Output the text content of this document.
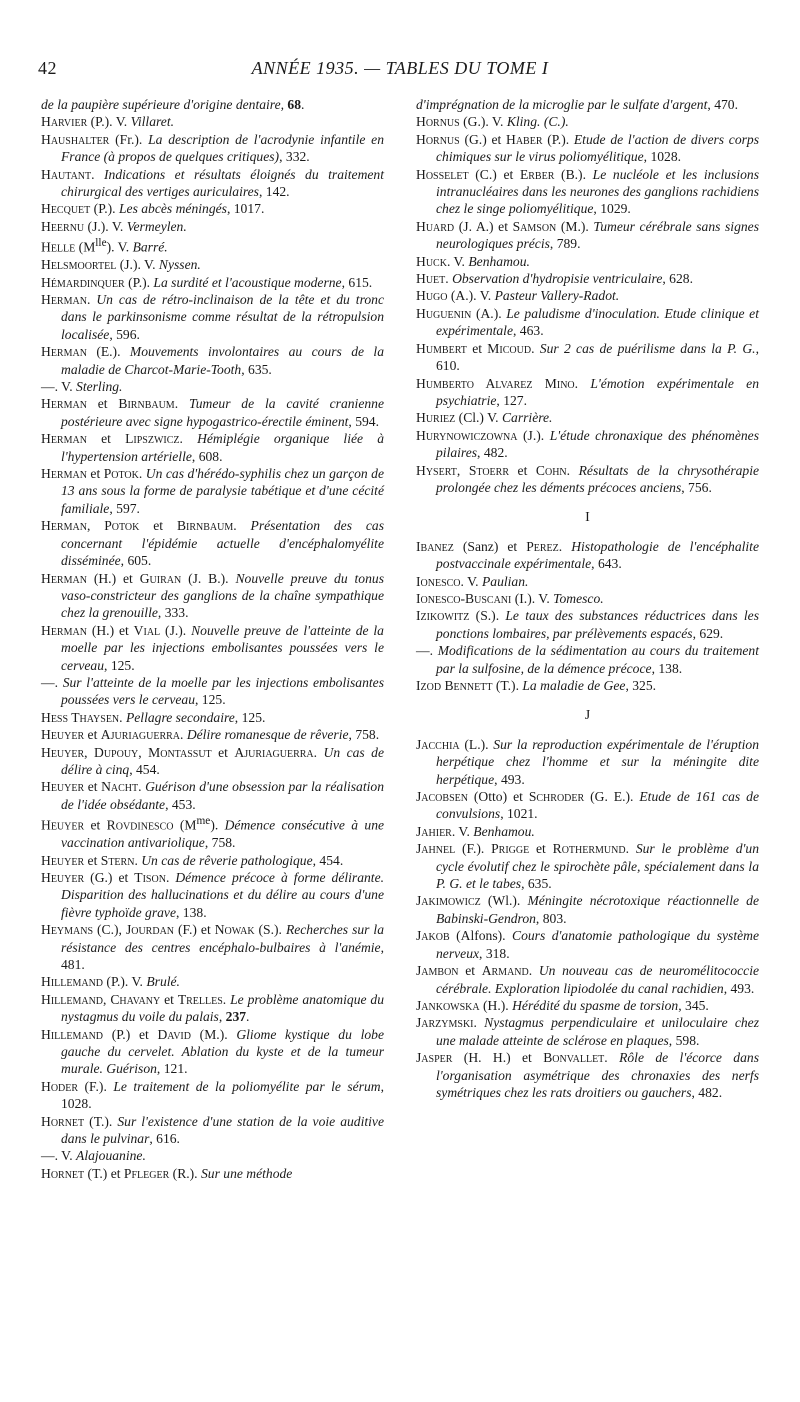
42	ANNÉE 1935. — TABLES DU TOME I

de la paupière supérieure d'origine dentaire, 68.

Harvier (P.). V. Villaret.

Haushalter (Fr.). La description de l'acrodynie infantile en France (à propos de quelques critiques), 332.

Hautant. Indications et résultats éloignés du traitement chirurgical des vertiges auriculaires, 142.

Hecquet (P.). Les abcès méningés, 1017.

Heernu (J.). V. Vermeylen.

Helle $(M^{lle})$. V. Barré.

Helsmoortel (J.). V. Nyssen.

Hémardinquer (P.). La surdité et l'acoustique moderne, 615.

Herman. Un cas de rétro-inclinaison de la tête et du tronc dans le parkinsonisme comme résultat de la rétropulsion localisée, 596.

Herman (E.). Mouvements involontaires au cours de la maladie de Charcot-Marie-Tooth, 635.

—. V. Sterling.

Herman et Birnbaum. Tumeur de la cavité cranienne postérieure avec signe hypogastrico-érectile éminent, 594.

Herman et Lipszwicz. Hémiplégie organique liée à l'hypertension artérielle, 608.

Herman et Potok. Un cas d'hérédo-syphilis chez un garçon de 13 ans sous la forme de paralysie tabétique et d'une cécité familiale, 597.

Herman, Potok et Birnbaum. Présentation des cas concernant l'épidémie actuelle d'encéphalomyélite disséminée, 605.

Herman (H.) et Guiran (J. B.). Nouvelle preuve du tonus vaso-constricteur des ganglions de la chaîne sympathique chez la grenouille, 333.

Herman (H.) et Vial (J.). Nouvelle preuve de l'atteinte de la moelle par les injections embolisantes poussées vers le cerveau, 125.

—. Sur l'atteinte de la moelle par les injections embolisantes poussées vers le cerveau, 125.

Hess Thaysen. Pellagre secondaire, 125.

Heuyer et Ajuriaguerra. Délire romanesque de rêverie, 758.

Heuyer, Dupouy, Montassut et Ajuriaguerra. Un cas de délire à cinq, 454.

Heuyer et Nacht. Guérison d'une obsession par la réalisation de l'idée obsédante, 453.

Heuyer et Rovdinesco $(M^{me})$. Démence consécutive à une vaccination antivariolique, 758.

Heuyer et Stern. Un cas de rêverie pathologique, 454.

Heuyer (G.) et Tison. Démence précoce à forme délirante. Disparition des hallucinations et du délire au cours d'une fièvre typhoïde grave, 138.

Heymans (C.), Jourdan (F.) et Nowak (S.). Recherches sur la résistance des centres encéphalo-bulbaires à l'anémie, 481.

Hillemand (P.). V. Brulé.

Hillemand, Chavany et Trelles. Le problème anatomique du nystagmus du voile du palais, 237.

Hillemand (P.) et David (M.). Gliome kystique du lobe gauche du cervelet. Ablation du kyste et de la tumeur murale. Guérison, 121.

Hoder (F.). Le traitement de la poliomyélite par le sérum, 1028.

Hornet (T.). Sur l'existence d'une station de la voie auditive dans le pulvinar, 616.

—. V. Alajouanine.

Hornet (T.) et Pfleger (R.). Sur une méthode

d'imprégnation de la microglie par le sulfate d'argent, 470.

Hornus (G.). V. Kling. (C.).

Hornus (G.) et Haber (P.). Etude de l'action de divers corps chimiques sur le virus poliomyélitique, 1028.

Hosselet (C.) et Erber (B.). Le nucléole et les inclusions intranucléaires dans les neurones des ganglions rachidiens chez le singe poliomyélitique, 1029.

Huard (J. A.) et Samson (M.). Tumeur cérébrale sans signes neurologiques précis, 789.

Huck. V. Benhamou.

Huet. Observation d'hydropisie ventriculaire, 628.

Hugo (A.). V. Pasteur Vallery-Radot.

Huguenin (A.). Le paludisme d'inoculation. Etude clinique et expérimentale, 463.

Humbert et Micoud. Sur 2 cas de puérilisme dans la P. G., 610.

Humberto Alvarez Mino. L'émotion expérimentale en psychiatrie, 127.

Huriez (Cl.) V. Carrière.

Hurynowiczowna (J.). L'étude chronaxique des phénomènes pilaires, 482.

Hysert, Stoerr et Cohn. Résultats de la chrysothérapie prolongée chez les déments précoces anciens, 756.

I

Ibanez (Sanz) et Perez. Histopathologie de l'encéphalite postvaccinale expérimentale, 643.

Ionesco. V. Paulian.

Ionesco-Buscani (I.). V. Tomesco.

Izikowitz (S.). Le taux des substances réductrices dans les ponctions lombaires, par prélèvements espacés, 629.

—. Modifications de la sédimentation au cours du traitement par la sulfosine, de la démence précoce, 138.

Izod Bennett (T.). La maladie de Gee, 325.

J

Jacchia (L.). Sur la reproduction expérimentale de l'éruption herpétique chez l'homme et sur la méningite dite herpétique, 493.

Jacobsen (Otto) et Schroder (G. E.). Etude de 161 cas de convulsions, 1021.

Jahier. V. Benhamou.

Jahnel (F.). Prigge et Rothermund. Sur le problème d'un cycle évolutif chez le spirochète pâle, spécialement dans la P. G. et le tabes, 635.

Jakimowicz (Wl.). Méningite nécrotoxique réactionnelle de Babinski-Gendron, 803.

Jakob (Alfons). Cours d'anatomie pathologique du système nerveux, 318.

Jambon et Armand. Un nouveau cas de neuromélitococcie cérébrale. Exploration lipiodolée du canal rachidien, 493.

Jankowska (H.). Hérédité du spasme de torsion, 345.

Jarzymski. Nystagmus perpendiculaire et uniloculaire chez une malade atteinte de sclérose en plaques, 598.

Jasper (H. H.) et Bonvallet. Rôle de l'écorce dans l'organisation asymétrique des chronaxies des nerfs symétriques chez les rats droitiers ou gauchers, 482.
